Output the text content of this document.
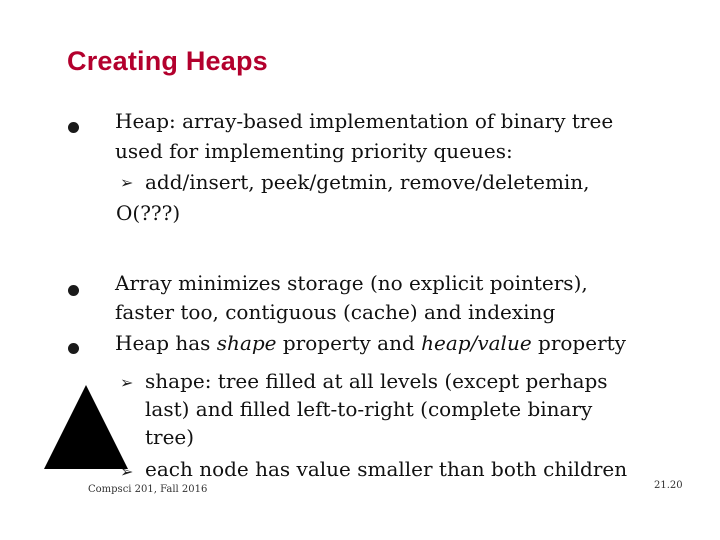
Creating Heaps
Heap: array-based implementation of binary tree
used for implementing priority queues:
➢ add/insert, peek/getmin, remove/deletemin,
O(???)
Array minimizes storage (no explicit pointers),
faster too, contiguous (cache) and indexing
Heap has shape property and heap/value property
➢ shape: tree filled at all levels (except perhaps
last) and filled left-to-right (complete binary
tree)
➢ each node has value smaller than both children
Compsci 201, Fall 2016	21.20
